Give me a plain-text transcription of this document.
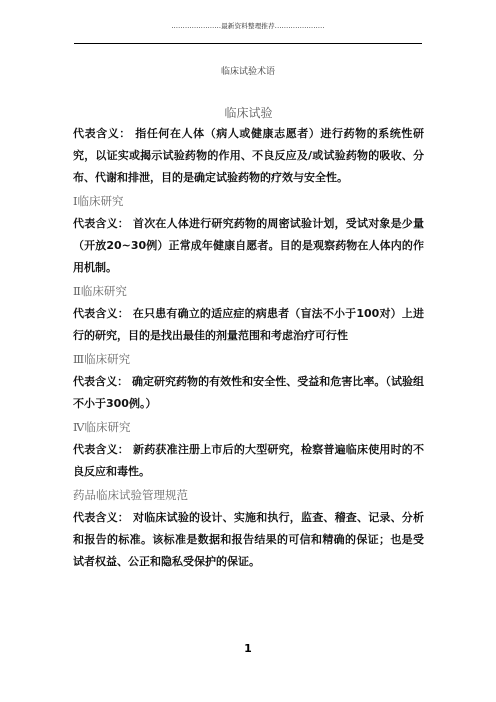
......................最新资料整理推荐......................
临床试验术语
临床试验

代表含义： 指任何在人体（病人或健康志愿者）进行药物的系统性研究，以证实或揭示试验药物的作用、不良反应及/或试验药物的吸收、分布、代谢和排泄，目的是确定试验药物的疗效与安全性。

Ⅰ临床研究

代表含义： 首次在人体进行研究药物的周密试验计划，受试对象是少量（开放20~30例）正常成年健康自愿者。目的是观察药物在人体内的作用机制。

Ⅱ临床研究

代表含义： 在只患有确立的适应症的病患者（盲法不小于100对）上进行的研究，目的是找出最佳的剂量范围和考虑治疗可行性

Ⅲ临床研究

代表含义： 确定研究药物的有效性和安全性、受益和危害比率。（试验组不小于300例。）

Ⅳ临床研究

代表含义： 新药获准注册上市后的大型研究，检察普遍临床使用时的不良反应和毒性。

药品临床试验管理规范

代表含义： 对临床试验的设计、实施和执行，监查、稽查、记录、分析和报告的标准。该标准是数据和报告结果的可信和精确的保证；也是受试者权益、公正和隐私受保护的保证。

1
